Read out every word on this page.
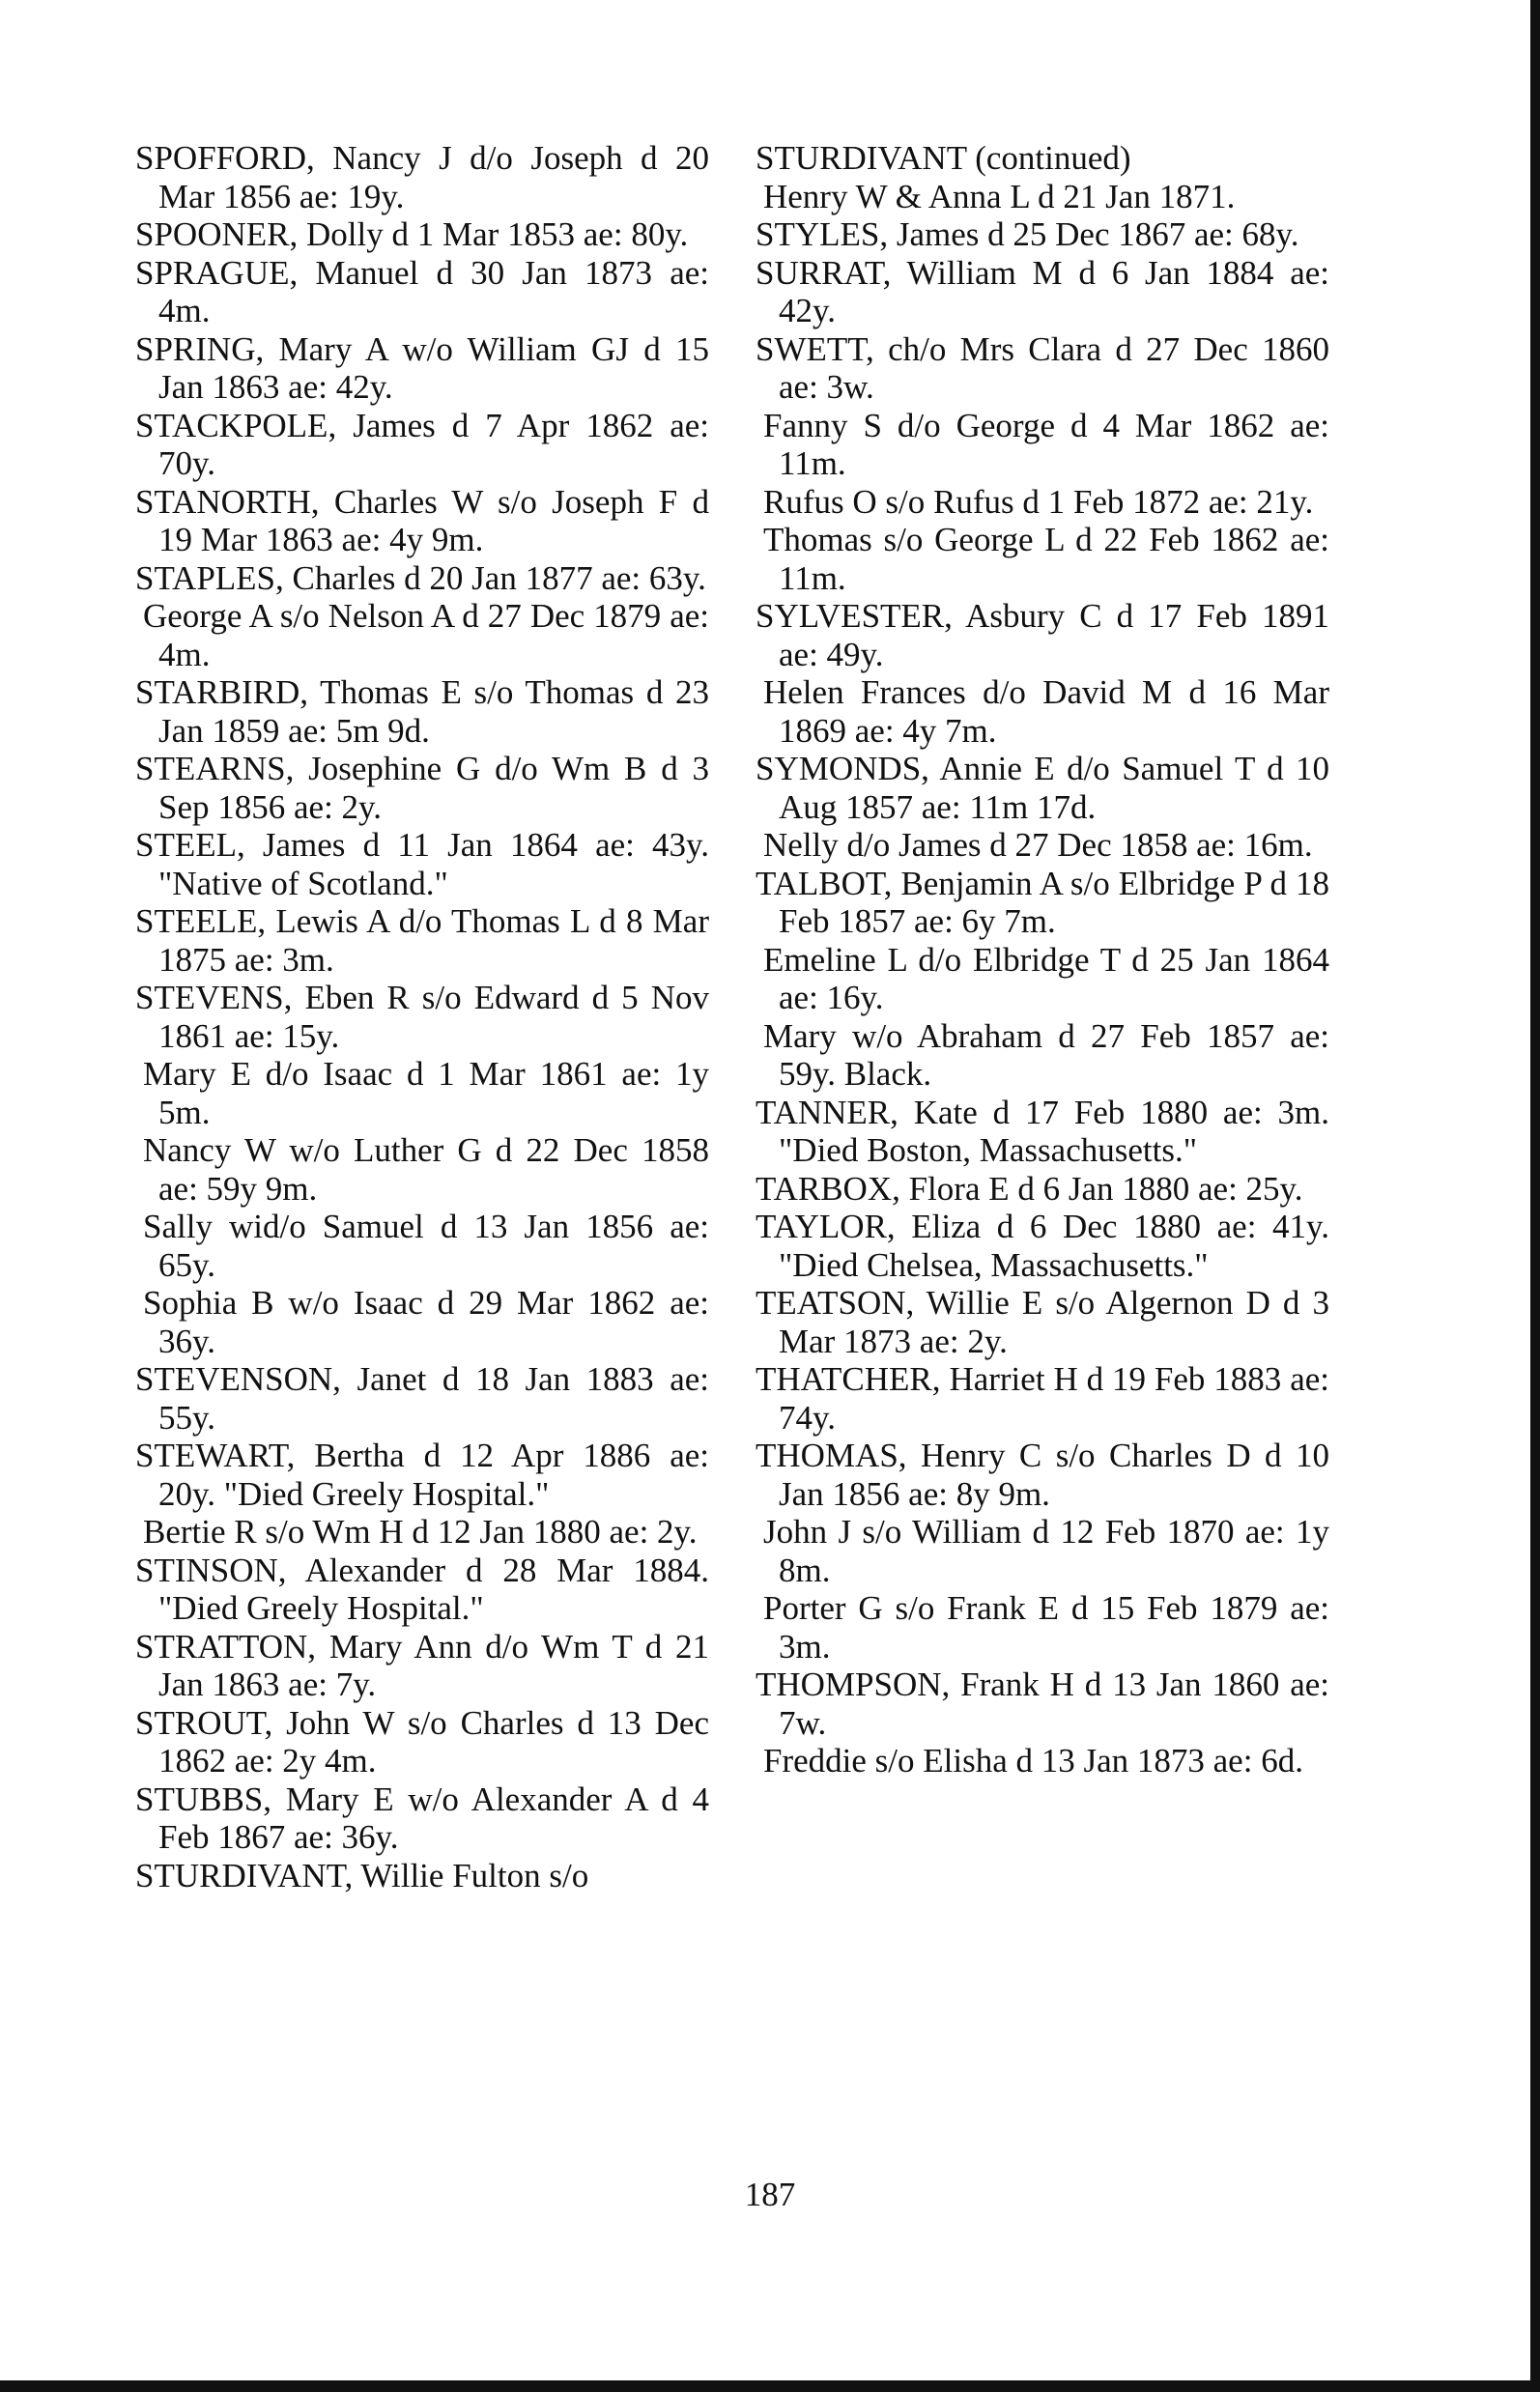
SPOFFORD, Nancy J d/o Joseph d 20 Mar 1856 ae: 19y.
SPOONER, Dolly d 1 Mar 1853 ae: 80y.
SPRAGUE, Manuel d 30 Jan 1873 ae: 4m.
SPRING, Mary A w/o William GJ d 15 Jan 1863 ae: 42y.
STACKPOLE, James d 7 Apr 1862 ae: 70y.
STANORTH, Charles W s/o Joseph F d 19 Mar 1863 ae: 4y 9m.
STAPLES, Charles d 20 Jan 1877 ae: 63y.
George A s/o Nelson A d 27 Dec 1879 ae: 4m.
STARBIRD, Thomas E s/o Thomas d 23 Jan 1859 ae: 5m 9d.
STEARNS, Josephine G d/o Wm B d 3 Sep 1856 ae: 2y.
STEEL, James d 11 Jan 1864 ae: 43y. "Native of Scotland."
STEELE, Lewis A d/o Thomas L d 8 Mar 1875 ae: 3m.
STEVENS, Eben R s/o Edward d 5 Nov 1861 ae: 15y.
Mary E d/o Isaac d 1 Mar 1861 ae: 1y 5m.
Nancy W w/o Luther G d 22 Dec 1858 ae: 59y 9m.
Sally wid/o Samuel d 13 Jan 1856 ae: 65y.
Sophia B w/o Isaac d 29 Mar 1862 ae: 36y.
STEVENSON, Janet d 18 Jan 1883 ae: 55y.
STEWART, Bertha d 12 Apr 1886 ae: 20y. "Died Greely Hospital."
Bertie R s/o Wm H d 12 Jan 1880 ae: 2y.
STINSON, Alexander d 28 Mar 1884. "Died Greely Hospital."
STRATTON, Mary Ann d/o Wm T d 21 Jan 1863 ae: 7y.
STROUT, John W s/o Charles d 13 Dec 1862 ae: 2y 4m.
STUBBS, Mary E w/o Alexander A d 4 Feb 1867 ae: 36y.
STURDIVANT, Willie Fulton s/o
STURDIVANT (continued)
Henry W & Anna L d 21 Jan 1871.
STYLES, James d 25 Dec 1867 ae: 68y.
SURRAT, William M d 6 Jan 1884 ae: 42y.
SWETT, ch/o Mrs Clara d 27 Dec 1860 ae: 3w.
Fanny S d/o George d 4 Mar 1862 ae: 11m.
Rufus O s/o Rufus d 1 Feb 1872 ae: 21y.
Thomas s/o George L d 22 Feb 1862 ae: 11m.
SYLVESTER, Asbury C d 17 Feb 1891 ae: 49y.
Helen Frances d/o David M d 16 Mar 1869 ae: 4y 7m.
SYMONDS, Annie E d/o Samuel T d 10 Aug 1857 ae: 11m 17d.
Nelly d/o James d 27 Dec 1858 ae: 16m.
TALBOT, Benjamin A s/o Elbridge P d 18 Feb 1857 ae: 6y 7m.
Emeline L d/o Elbridge T d 25 Jan 1864 ae: 16y.
Mary w/o Abraham d 27 Feb 1857 ae: 59y. Black.
TANNER, Kate d 17 Feb 1880 ae: 3m. "Died Boston, Massachusetts."
TARBOX, Flora E d 6 Jan 1880 ae: 25y.
TAYLOR, Eliza d 6 Dec 1880 ae: 41y. "Died Chelsea, Massachusetts."
TEATSON, Willie E s/o Algernon D d 3 Mar 1873 ae: 2y.
THATCHER, Harriet H d 19 Feb 1883 ae: 74y.
THOMAS, Henry C s/o Charles D d 10 Jan 1856 ae: 8y 9m.
John J s/o William d 12 Feb 1870 ae: 1y 8m.
Porter G s/o Frank E d 15 Feb 1879 ae: 3m.
THOMPSON, Frank H d 13 Jan 1860 ae: 7w.
Freddie s/o Elisha d 13 Jan 1873 ae: 6d.
187
